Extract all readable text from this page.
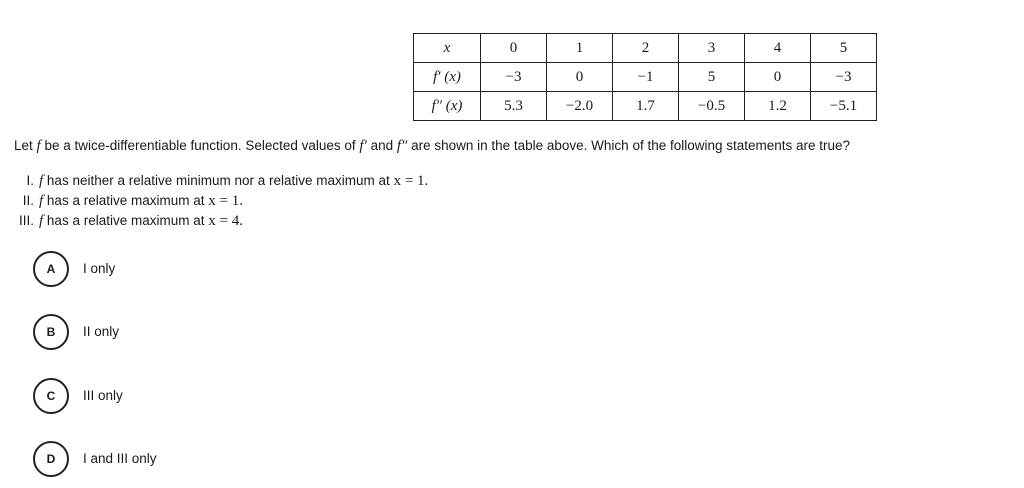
x	0	1	2	3	4	5
f′ (x)	−3	0	−1	5	0	−3
f″ (x)	5.3	−2.0	1.7	−0.5	1.2	−5.1
Let f be a twice-differentiable function. Selected values of f′ and f″ are shown in the table above. Which of the following statements are true?
I. f has neither a relative minimum nor a relative maximum at x = 1.
II. f has a relative maximum at x = 1.
III. f has a relative maximum at x = 4.
A	I only
B	II only
C	III only
D	I and III only
